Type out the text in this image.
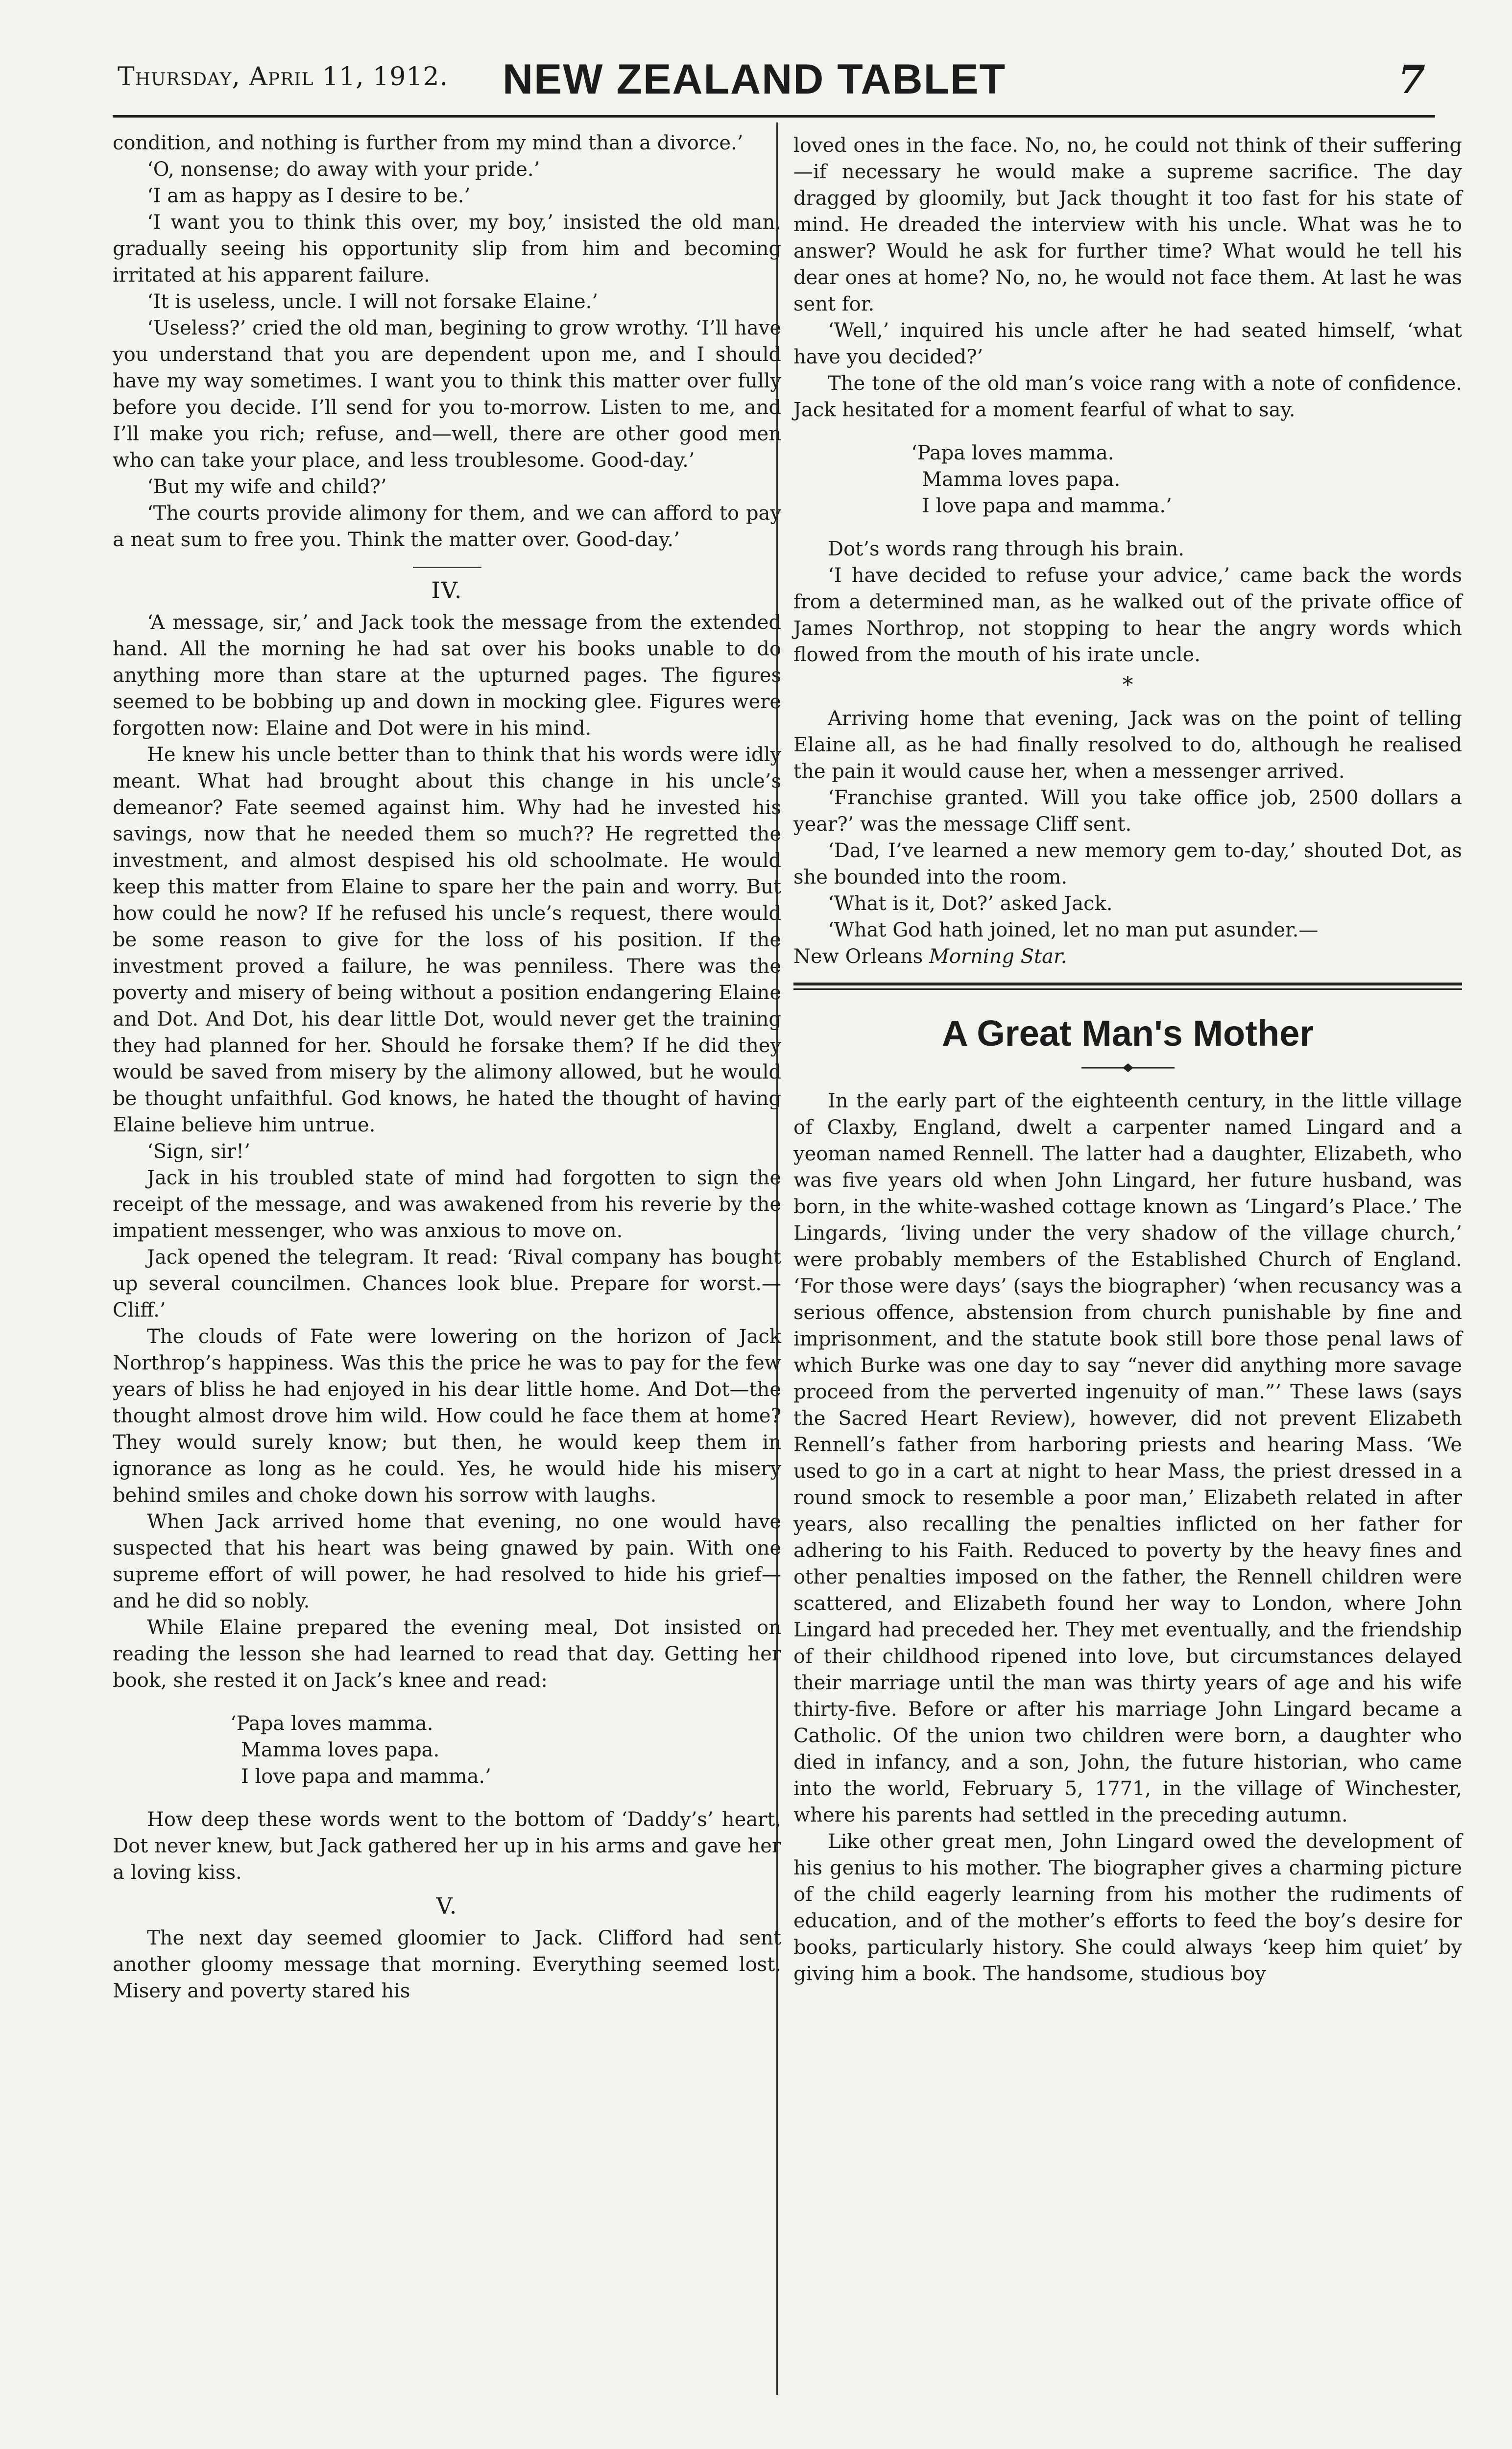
Thursday, April 11, 1912.	NEW ZEALAND TABLET	7

condition, and nothing is further from my mind than a divorce.’

‘O, nonsense; do away with your pride.’

‘I am as happy as I desire to be.’

‘I want you to think this over, my boy,’ insisted the old man, gradually seeing his opportunity slip from him and becoming irritated at his apparent failure.

‘It is useless, uncle. I will not forsake Elaine.’

‘Useless?’ cried the old man, begining to grow wrothy. ‘I’ll have you understand that you are dependent upon me, and I should have my way sometimes. I want you to think this matter over fully before you decide. I’ll send for you to-morrow. Listen to me, and I’ll make you rich; refuse, and—well, there are other good men who can take your place, and less troublesome. Good-day.’

‘But my wife and child?’

‘The courts provide alimony for them, and we can afford to pay a neat sum to free you. Think the matter over. Good-day.’

IV.

‘A message, sir,’ and Jack took the message from the extended hand. All the morning he had sat over his books unable to do anything more than stare at the upturned pages. The figures seemed to be bobbing up and down in mocking glee. Figures were forgotten now: Elaine and Dot were in his mind.

He knew his uncle better than to think that his words were idly meant. What had brought about this change in his uncle’s demeanor? Fate seemed against him. Why had he invested his savings, now that he needed them so much?? He regretted the investment, and almost despised his old schoolmate. He would keep this matter from Elaine to spare her the pain and worry. But how could he now? If he refused his uncle’s request, there would be some reason to give for the loss of his position. If the investment proved a failure, he was penniless. There was the poverty and misery of being without a position endangering Elaine and Dot. And Dot, his dear little Dot, would never get the training they had planned for her. Should he forsake them? If he did they would be saved from misery by the alimony allowed, but he would be thought unfaithful. God knows, he hated the thought of having Elaine believe him untrue.

‘Sign, sir!’

Jack in his troubled state of mind had forgotten to sign the receipt of the message, and was awakened from his reverie by the impatient messenger, who was anxious to move on.

Jack opened the telegram. It read: ‘Rival company has bought up several councilmen. Chances look blue. Prepare for worst.—Cliff.’

The clouds of Fate were lowering on the horizon of Jack Northrop’s happiness. Was this the price he was to pay for the few years of bliss he had enjoyed in his dear little home. And Dot—the thought almost drove him wild. How could he face them at home? They would surely know; but then, he would keep them in ignorance as long as he could. Yes, he would hide his misery behind smiles and choke down his sorrow with laughs.

When Jack arrived home that evening, no one would have suspected that his heart was being gnawed by pain. With one supreme effort of will power, he had resolved to hide his grief—and he did so nobly.

While Elaine prepared the evening meal, Dot insisted on reading the lesson she had learned to read that day. Getting her book, she rested it on Jack’s knee and read:

‘Papa loves mamma.
Mamma loves papa.
I love papa and mamma.’

How deep these words went to the bottom of ‘Daddy’s’ heart, Dot never knew, but Jack gathered her up in his arms and gave her a loving kiss.

V.

The next day seemed gloomier to Jack. Clifford had sent another gloomy message that morning. Everything seemed lost. Misery and poverty stared his

loved ones in the face. No, no, he could not think of their suffering—if necessary he would make a supreme sacrifice. The day dragged by gloomily, but Jack thought it too fast for his state of mind. He dreaded the interview with his uncle. What was he to answer? Would he ask for further time? What would he tell his dear ones at home? No, no, he would not face them. At last he was sent for.

‘Well,’ inquired his uncle after he had seated himself, ‘what have you decided?’

The tone of the old man’s voice rang with a note of confidence. Jack hesitated for a moment fearful of what to say.

‘Papa loves mamma.
Mamma loves papa.
I love papa and mamma.’

Dot’s words rang through his brain.

‘I have decided to refuse your advice,’ came back the words from a determined man, as he walked out of the private office of James Northrop, not stopping to hear the angry words which flowed from the mouth of his irate uncle.

*

Arriving home that evening, Jack was on the point of telling Elaine all, as he had finally resolved to do, although he realised the pain it would cause her, when a messenger arrived.

‘Franchise granted. Will you take office job, 2500 dollars a year?’ was the message Cliff sent.

‘Dad, I’ve learned a new memory gem to-day,’ shouted Dot, as she bounded into the room.

‘What is it, Dot?’ asked Jack.

‘What God hath joined, let no man put asunder.—

New Orleans Morning Star.

A Great Man's Mother

In the early part of the eighteenth century, in the little village of Claxby, England, dwelt a carpenter named Lingard and a yeoman named Rennell. The latter had a daughter, Elizabeth, who was five years old when John Lingard, her future husband, was born, in the white-washed cottage known as ‘Lingard’s Place.’ The Lingards, ‘living under the very shadow of the village church,’ were probably members of the Established Church of England. ‘For those were days’ (says the biographer) ‘when recusancy was a serious offence, abstension from church punishable by fine and imprisonment, and the statute book still bore those penal laws of which Burke was one day to say “never did anything more savage proceed from the perverted ingenuity of man.”’ These laws (says the Sacred Heart Review), however, did not prevent Elizabeth Rennell’s father from harboring priests and hearing Mass. ‘We used to go in a cart at night to hear Mass, the priest dressed in a round smock to resemble a poor man,’ Elizabeth related in after years, also recalling the penalties inflicted on her father for adhering to his Faith. Reduced to poverty by the heavy fines and other penalties imposed on the father, the Rennell children were scattered, and Elizabeth found her way to London, where John Lingard had preceded her. They met eventually, and the friendship of their childhood ripened into love, but circumstances delayed their marriage until the man was thirty years of age and his wife thirty-five. Before or after his marriage John Lingard became a Catholic. Of the union two children were born, a daughter who died in infancy, and a son, John, the future historian, who came into the world, February 5, 1771, in the village of Winchester, where his parents had settled in the preceding autumn.

Like other great men, John Lingard owed the development of his genius to his mother. The biographer gives a charming picture of the child eagerly learning from his mother the rudiments of education, and of the mother’s efforts to feed the boy’s desire for books, particularly history. She could always ‘keep him quiet’ by giving him a book. The handsome, studious boy
